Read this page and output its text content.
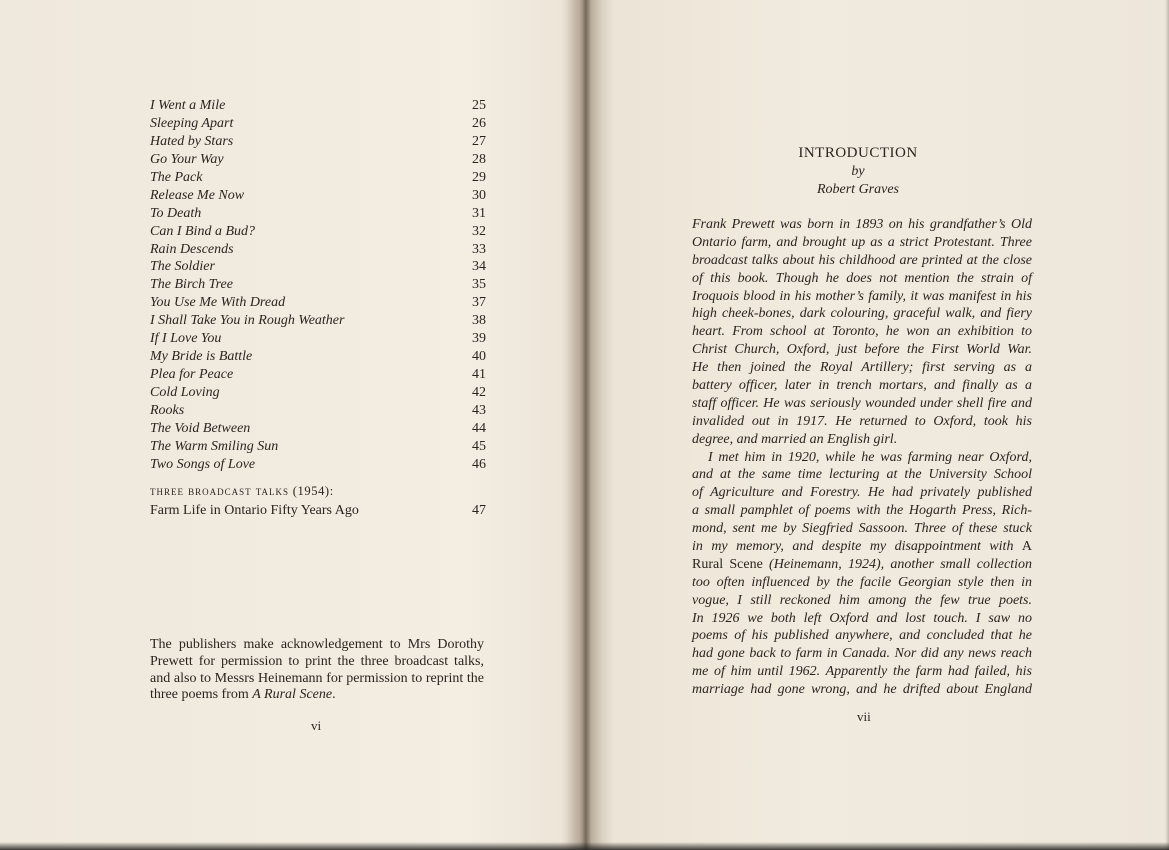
I Went a Mile	25
Sleeping Apart	26
Hated by Stars	27
Go Your Way	28
The Pack	29
Release Me Now	30
To Death	31
Can I Bind a Bud?	32
Rain Descends	33
The Soldier	34
The Birch Tree	35
You Use Me With Dread	37
I Shall Take You in Rough Weather	38
If I Love You	39
My Bride is Battle	40
Plea for Peace	41
Cold Loving	42
Rooks	43
The Void Between	44
The Warm Smiling Sun	45
Two Songs of Love	46
three broadcast talks (1954):
Farm Life in Ontario Fifty Years Ago	47

The publishers make acknowledgement to Mrs Dorothy Prewett for permission to print the three broadcast talks, and also to Messrs Heinemann for permission to reprint the three poems from A Rural Scene.

vi
INTRODUCTION
by
Robert Graves
Frank Prewett was born in 1893 on his grandfather’s Old
Ontario farm, and brought up as a strict Protestant. Three
broadcast talks about his childhood are printed at the close
of this book. Though he does not mention the strain of
Iroquois blood in his mother’s family, it was manifest in his
high cheek-bones, dark colouring, graceful walk, and fiery
heart. From school at Toronto, he won an exhibition to
Christ Church, Oxford, just before the First World War.
He then joined the Royal Artillery; first serving as a
battery officer, later in trench mortars, and finally as a
staff officer. He was seriously wounded under shell fire and
invalided out in 1917. He returned to Oxford, took his
degree, and married an English girl.
I met him in 1920, while he was farming near Oxford,
and at the same time lecturing at the University School
of Agriculture and Forestry. He had privately published
a small pamphlet of poems with the Hogarth Press, Rich-
mond, sent me by Siegfried Sassoon. Three of these stuck
in my memory, and despite my disappointment with A
Rural Scene (Heinemann, 1924), another small collection
too often influenced by the facile Georgian style then in
vogue, I still reckoned him among the few true poets.
In 1926 we both left Oxford and lost touch. I saw no
poems of his published anywhere, and concluded that he
had gone back to farm in Canada. Nor did any news reach
me of him until 1962. Apparently the farm had failed, his
marriage had gone wrong, and he drifted about England
vii
